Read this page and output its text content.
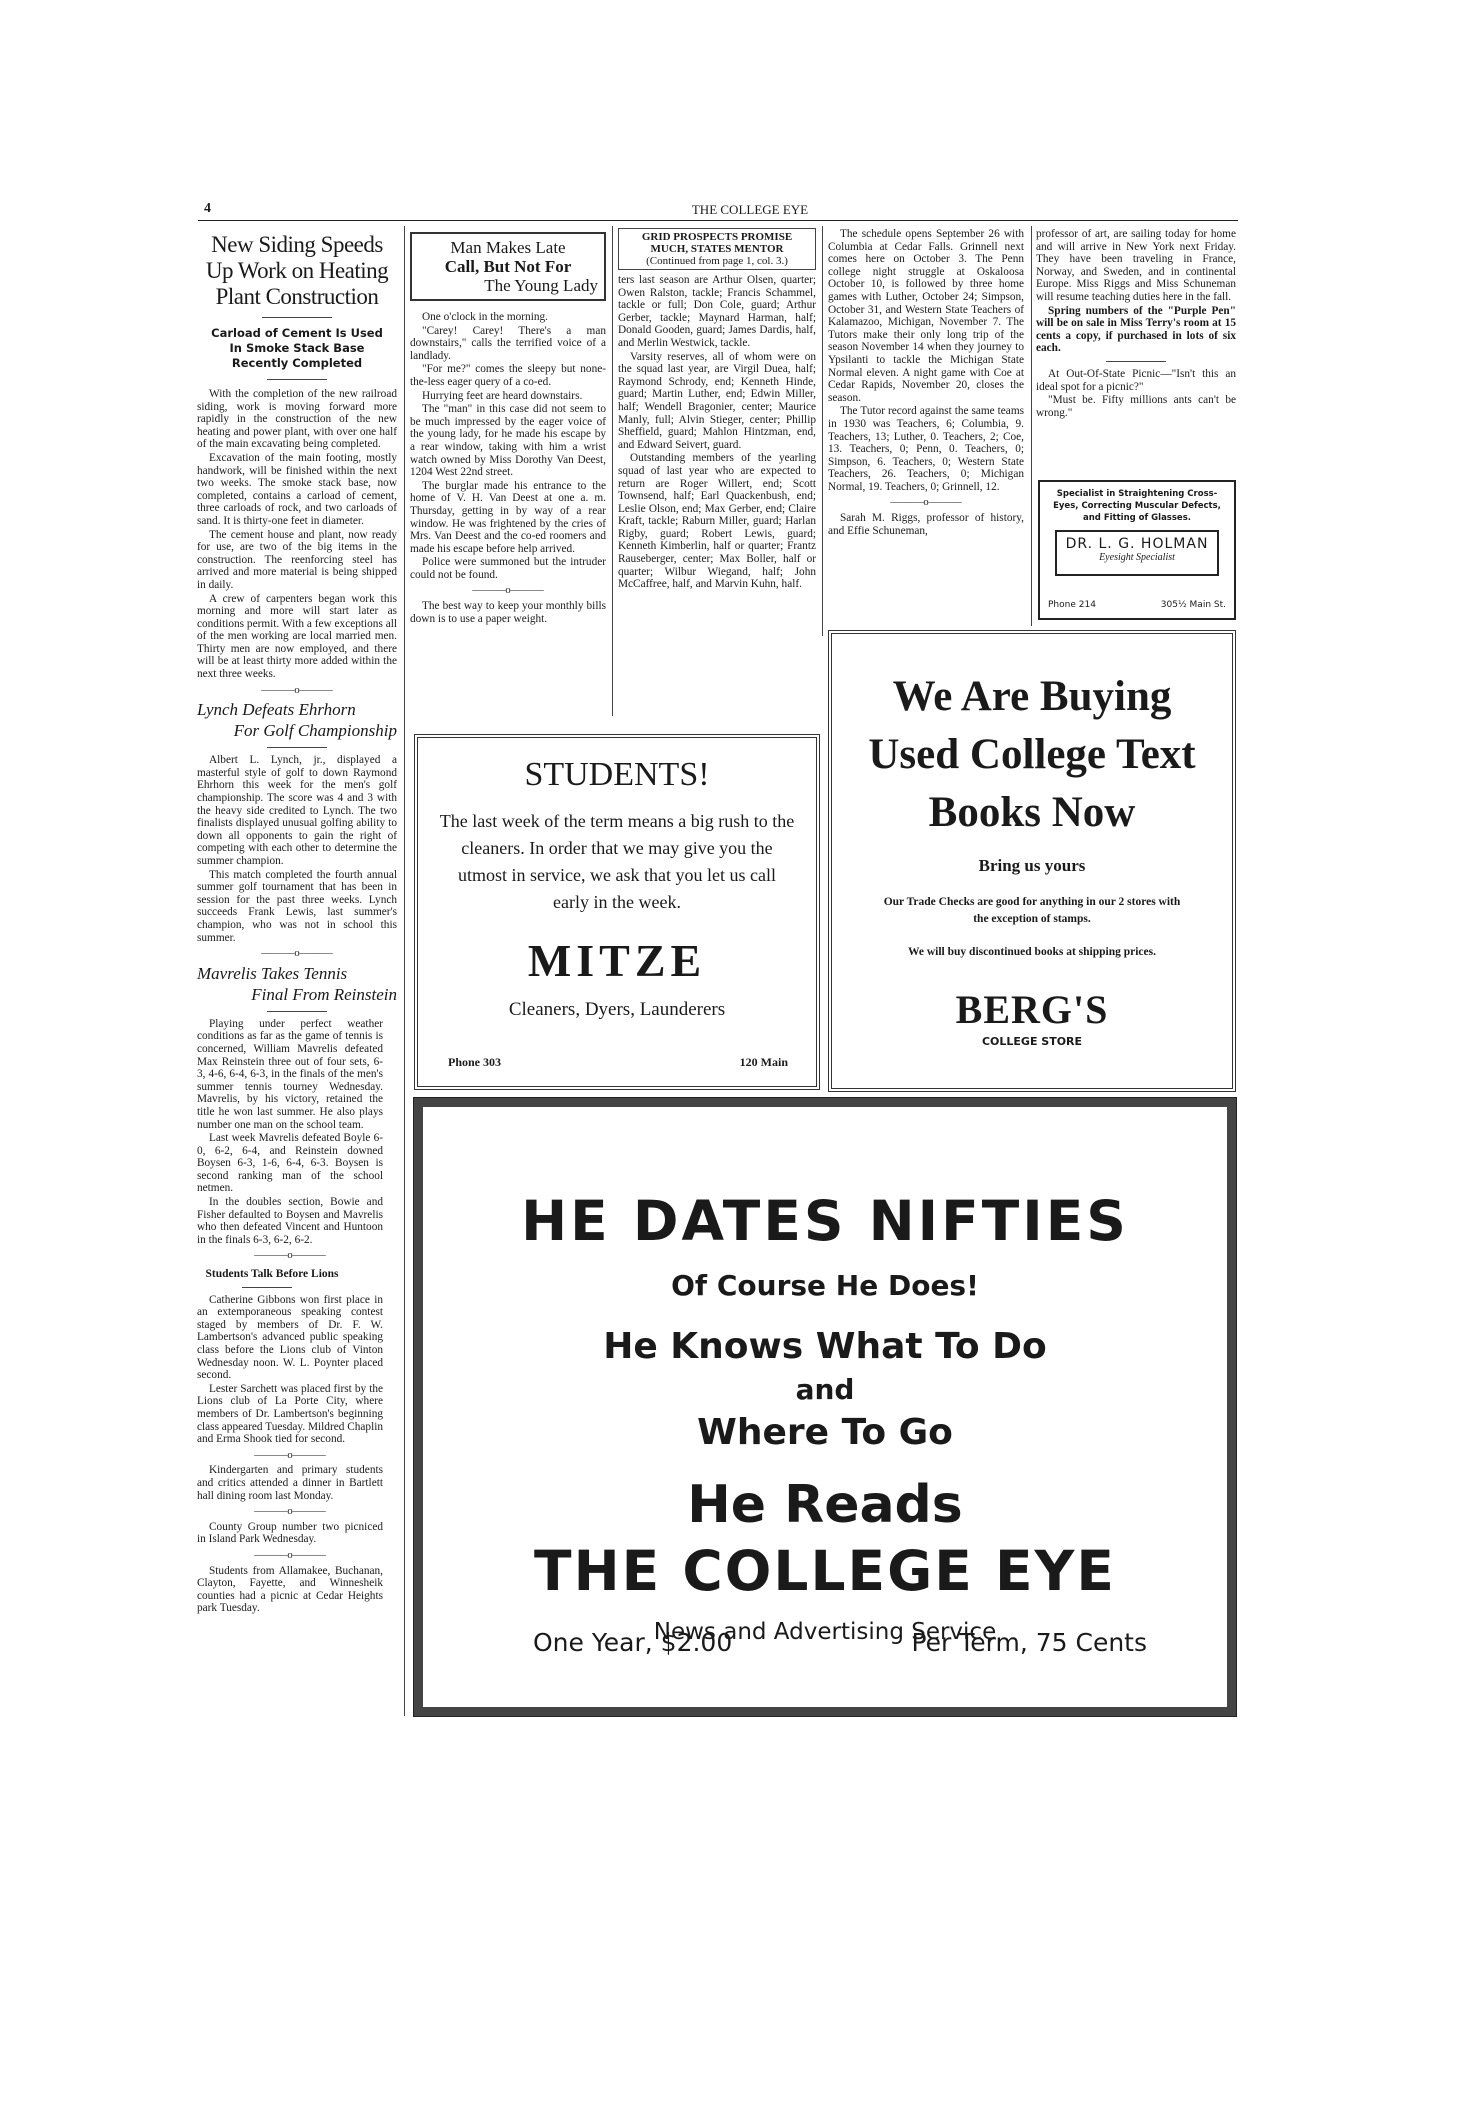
4	THE COLLEGE EYE
New Siding Speeds
Up Work on Heating
Plant Construction
Carload of Cement Is Used
In Smoke Stack Base
Recently Completed

With the completion of the new railroad siding, work is moving forward more rapidly in the construction of the new heating and power plant, with over one half of the main excavating being completed.

Excavation of the main footing, mostly handwork, will be finished within the next two weeks. The smoke stack base, now completed, contains a carload of cement, three carloads of rock, and two carloads of sand. It is thirty-one feet in diameter.

The cement house and plant, now ready for use, are two of the big items in the construction. The reenforcing steel has arrived and more material is being shipped in daily.

A crew of carpenters began work this morning and more will start later as conditions permit. With a few exceptions all of the men working are local married men. Thirty men are now employed, and there will be at least thirty more added within the next three weeks.

———o———
Lynch Defeats Ehrhorn
For Golf Championship

Albert L. Lynch, jr., displayed a masterful style of golf to down Raymond Ehrhorn this week for the men's golf championship. The score was 4 and 3 with the heavy side credited to Lynch. The two finalists displayed unusual golfing ability to down all opponents to gain the right of competing with each other to determine the summer champion.

This match completed the fourth annual summer golf tournament that has been in session for the past three weeks. Lynch succeeds Frank Lewis, last summer's champion, who was not in school this summer.

———o———
Mavrelis Takes Tennis
Final From Reinstein

Playing under perfect weather conditions as far as the game of tennis is concerned, William Mavrelis defeated Max Reinstein three out of four sets, 6-3, 4-6, 6-4, 6-3, in the finals of the men's summer tennis tourney Wednesday. Mavrelis, by his victory, retained the title he won last summer. He also plays number one man on the school team.

Last week Mavrelis defeated Boyle 6-0, 6-2, 6-4, and Reinstein downed Boysen 6-3, 1-6, 6-4, 6-3. Boysen is second ranking man of the school netmen.

In the doubles section, Bowie and Fisher defaulted to Boysen and Mavrelis who then defeated Vincent and Huntoon in the finals 6-3, 6-2, 6-2.

———o———
Students Talk Before Lions

Catherine Gibbons won first place in an extemporaneous speaking contest staged by members of Dr. F. W. Lambertson's advanced public speaking class before the Lions club of Vinton Wednesday noon. W. L. Poynter placed second.

Lester Sarchett was placed first by the Lions club of La Porte City, where members of Dr. Lambertson's beginning class appeared Tuesday. Mildred Chaplin and Erma Shook tied for second.

———o———

Kindergarten and primary students and critics attended a dinner in Bartlett hall dining room last Monday.

———o———

County Group number two picniced in Island Park Wednesday.

———o———

Students from Allamakee, Buchanan, Clayton, Fayette, and Winnesheik counties had a picnic at Cedar Heights park Tuesday.

Man Makes Late
Call, But Not For
The Young Lady

One o'clock in the morning.

"Carey! Carey! There's a man downstairs," calls the terrified voice of a landlady.

"For me?" comes the sleepy but none-the-less eager query of a co-ed.

Hurrying feet are heard downstairs.

The "man" in this case did not seem to be much impressed by the eager voice of the young lady, for he made his escape by a rear window, taking with him a wrist watch owned by Miss Dorothy Van Deest, 1204 West 22nd street.

The burglar made his entrance to the home of V. H. Van Deest at one a. m. Thursday, getting in by way of a rear window. He was frightened by the cries of Mrs. Van Deest and the co-ed roomers and made his escape before help arrived.

Police were summoned but the intruder could not be found.

———o———

The best way to keep your monthly bills down is to use a paper weight.

GRID PROSPECTS PROMISE
MUCH, STATES MENTOR
(Continued from page 1, col. 3.)

ters last season are Arthur Olsen, quarter; Owen Ralston, tackle; Francis Schammel, tackle or full; Don Cole, guard; Arthur Gerber, tackle; Maynard Harman, half; Donald Gooden, guard; James Dardis, half, and Merlin Westwick, tackle.

Varsity reserves, all of whom were on the squad last year, are Virgil Duea, half; Raymond Schrody, end; Kenneth Hinde, guard; Martin Luther, end; Edwin Miller, half; Wendell Bragonier, center; Maurice Manly, full; Alvin Stieger, center; Phillip Sheffield, guard; Mahlon Hintzman, end, and Edward Seivert, guard.

Outstanding members of the yearling squad of last year who are expected to return are Roger Willert, end; Scott Townsend, half; Earl Quackenbush, end; Leslie Olson, end; Max Gerber, end; Claire Kraft, tackle; Raburn Miller, guard; Harlan Rigby, guard; Robert Lewis, guard; Kenneth Kimberlin, half or quarter; Frantz Rauseberger, center; Max Boller, half or quarter; Wilbur Wiegand, half; John McCaffree, half, and Marvin Kuhn, half.

The schedule opens September 26 with Columbia at Cedar Falls. Grinnell next comes here on October 3. The Penn college night struggle at Oskaloosa October 10, is followed by three home games with Luther, October 24; Simpson, October 31, and Western State Teachers of Kalamazoo, Michigan, November 7. The Tutors make their only long trip of the season November 14 when they journey to Ypsilanti to tackle the Michigan State Normal eleven. A night game with Coe at Cedar Rapids, November 20, closes the season.

The Tutor record against the same teams in 1930 was Teachers, 6; Columbia, 9. Teachers, 13; Luther, 0. Teachers, 2; Coe, 13. Teachers, 0; Penn, 0. Teachers, 0; Simpson, 6. Teachers, 0; Western State Teachers, 26. Teachers, 0; Michigan Normal, 19. Teachers, 0; Grinnell, 12.

———o———

Sarah M. Riggs, professor of history, and Effie Schuneman,

professor of art, are sailing today for home and will arrive in New York next Friday. They have been traveling in France, Norway, and Sweden, and in continental Europe. Miss Riggs and Miss Schuneman will resume teaching duties here in the fall.

Spring numbers of the "Purple Pen" will be on sale in Miss Terry's room at 15 cents a copy, if purchased in lots of six each.

At Out-Of-State Picnic—"Isn't this an ideal spot for a picnic?"

"Must be. Fifty millions ants can't be wrong."

Specialist in Straightening Cross-Eyes, Correcting Muscular Defects, and Fitting of Glasses.
DR. L. G. HOLMAN
Eyesight Specialist
Phone 214	305½ Main St.
We Are Buying
Used College Text
Books Now
Bring us yours
Our Trade Checks are good for anything in our 2 stores with the exception of stamps.
We will buy discontinued books at shipping prices.
BERG'S
COLLEGE STORE
STUDENTS!
The last week of the term means a big rush to the cleaners. In order that we may give you the utmost in service, we ask that you let us call early in the week.
MITZE
Cleaners, Dyers, Launderers
Phone 303	120 Main
HE DATES NIFTIES
Of Course He Does!
He Knows What To Do
and
Where To Go
He Reads
THE COLLEGE EYE
News and Advertising Service
One Year, $2.00	Per Term, 75 Cents
